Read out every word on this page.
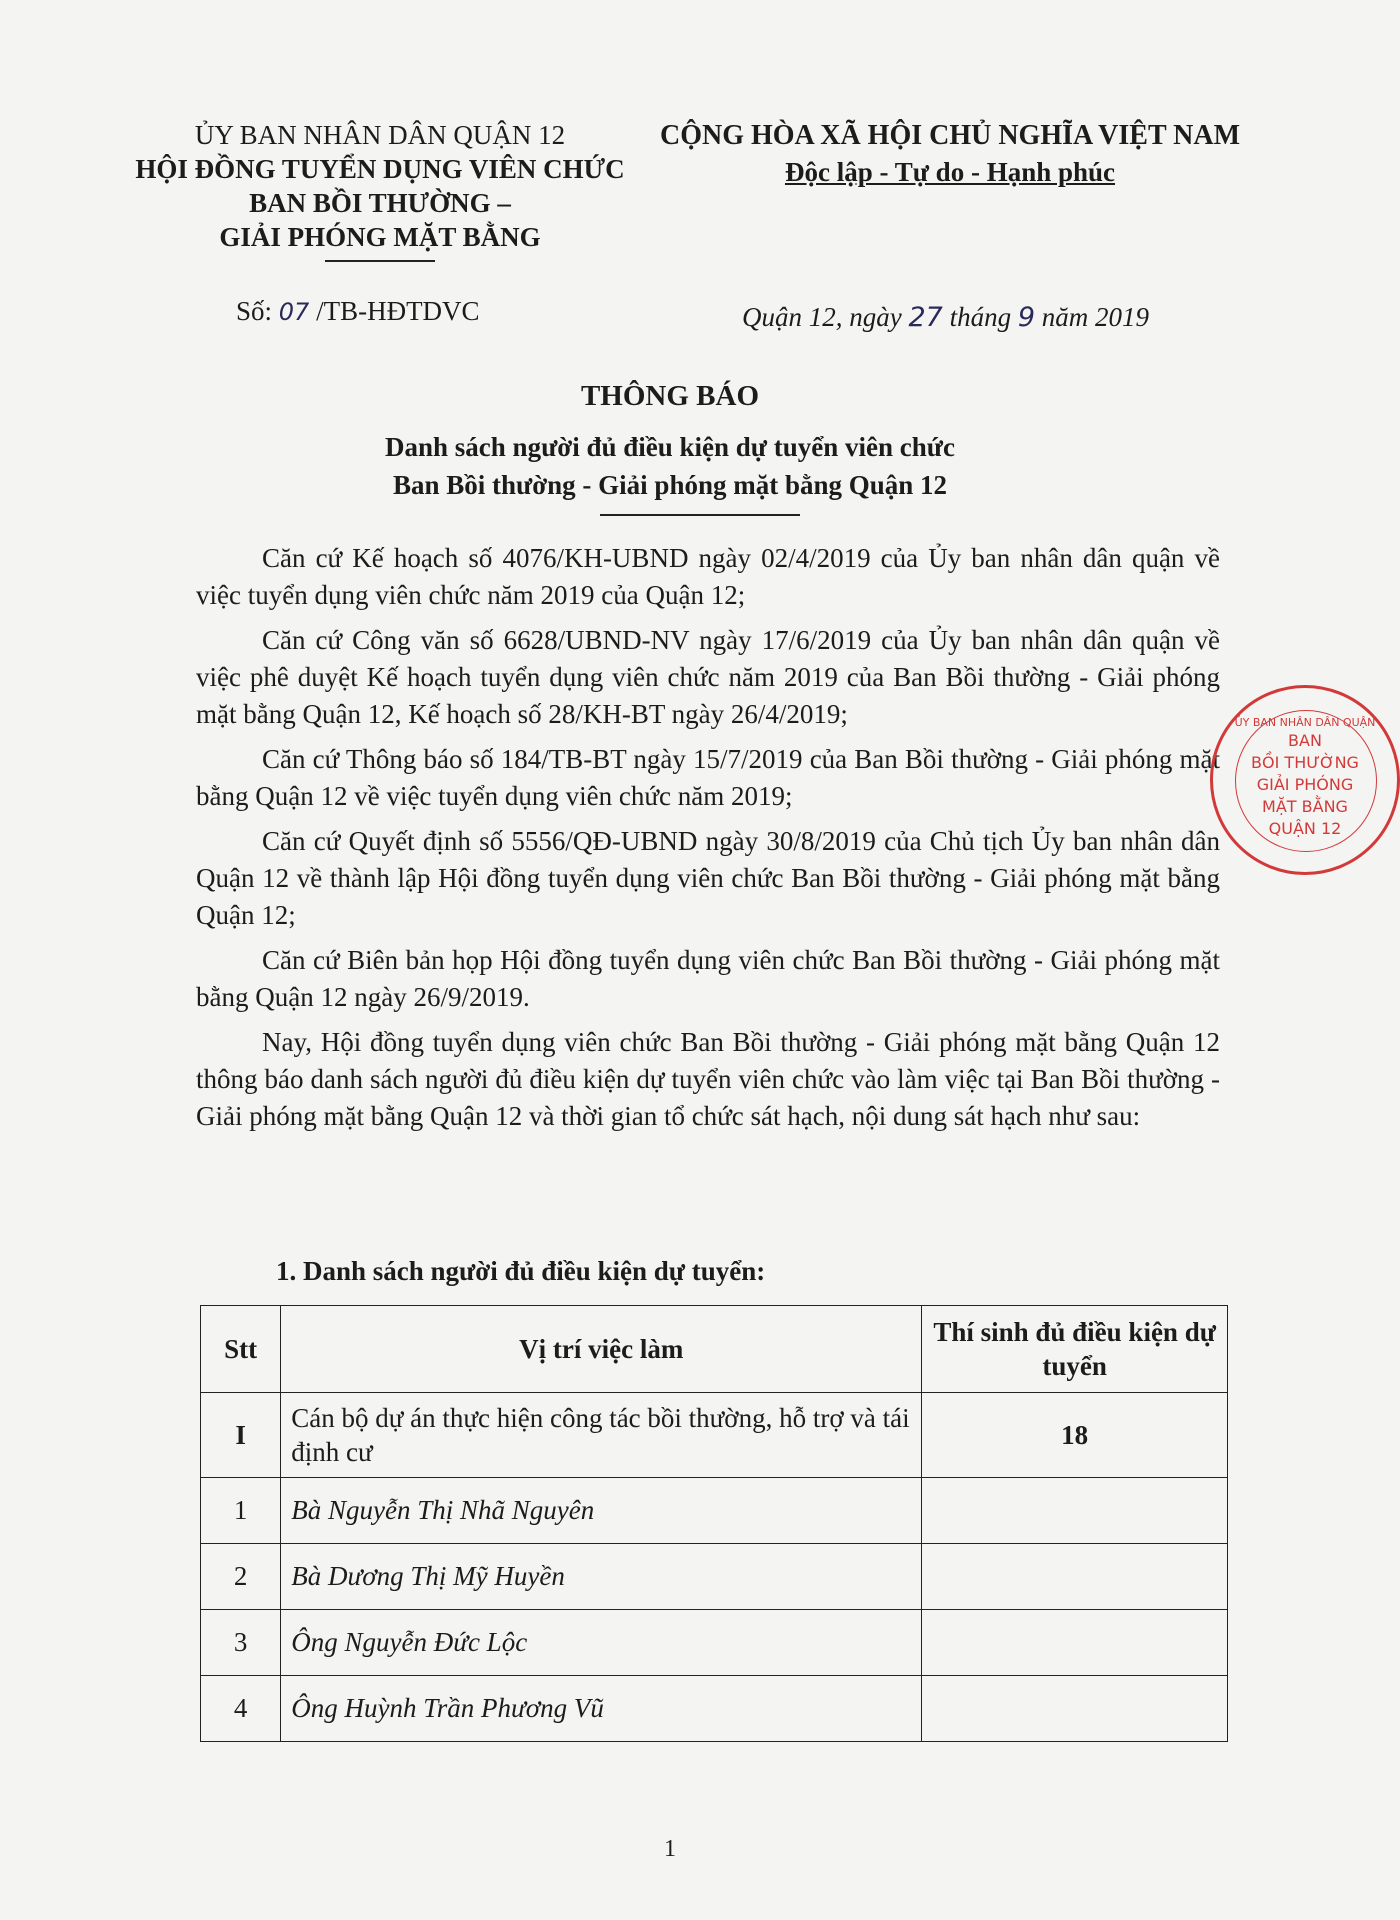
ỦY BAN NHÂN DÂN QUẬN 12
HỘI ĐỒNG TUYỂN DỤNG VIÊN CHỨC
BAN BỒI THƯỜNG –
GIẢI PHÓNG MẶT BẰNG
CỘNG HÒA XÃ HỘI CHỦ NGHĨA VIỆT NAM
Độc lập - Tự do - Hạnh phúc
Số: 07 /TB-HĐTDVC	Quận 12, ngày 27 tháng 9 năm 2019
THÔNG BÁO
Danh sách người đủ điều kiện dự tuyển viên chức
Ban Bồi thường - Giải phóng mặt bằng Quận 12

Căn cứ Kế hoạch số 4076/KH-UBND ngày 02/4/2019 của Ủy ban nhân dân quận về việc tuyển dụng viên chức năm 2019 của Quận 12;

Căn cứ Công văn số 6628/UBND-NV ngày 17/6/2019 của Ủy ban nhân dân quận về việc phê duyệt Kế hoạch tuyển dụng viên chức năm 2019 của Ban Bồi thường - Giải phóng mặt bằng Quận 12, Kế hoạch số 28/KH-BT ngày 26/4/2019;

Căn cứ Thông báo số 184/TB-BT ngày 15/7/2019 của Ban Bồi thường - Giải phóng mặt bằng Quận 12 về việc tuyển dụng viên chức năm 2019;

Căn cứ Quyết định số 5556/QĐ-UBND ngày 30/8/2019 của Chủ tịch Ủy ban nhân dân Quận 12 về thành lập Hội đồng tuyển dụng viên chức Ban Bồi thường - Giải phóng mặt bằng Quận 12;

Căn cứ Biên bản họp Hội đồng tuyển dụng viên chức Ban Bồi thường - Giải phóng mặt bằng Quận 12 ngày 26/9/2019.

Nay, Hội đồng tuyển dụng viên chức Ban Bồi thường - Giải phóng mặt bằng Quận 12 thông báo danh sách người đủ điều kiện dự tuyển viên chức vào làm việc tại Ban Bồi thường - Giải phóng mặt bằng Quận 12 và thời gian tổ chức sát hạch, nội dung sát hạch như sau:

1. Danh sách người đủ điều kiện dự tuyển:
Stt	Vị trí việc làm	Thí sinh đủ điều kiện dự tuyển
I	Cán bộ dự án thực hiện công tác bồi thường, hỗ trợ và tái định cư	18
1	Bà Nguyễn Thị Nhã Nguyên	
2	Bà Dương Thị Mỹ Huyền	
3	Ông Nguyễn Đức Lộc	
4	Ông Huỳnh Trần Phương Vũ	
ỦY BAN NHÂN DÂN QUẬN
BAN
BỒI THƯỜNG
GIẢI PHÓNG
MẶT BẰNG
QUẬN 12
1
